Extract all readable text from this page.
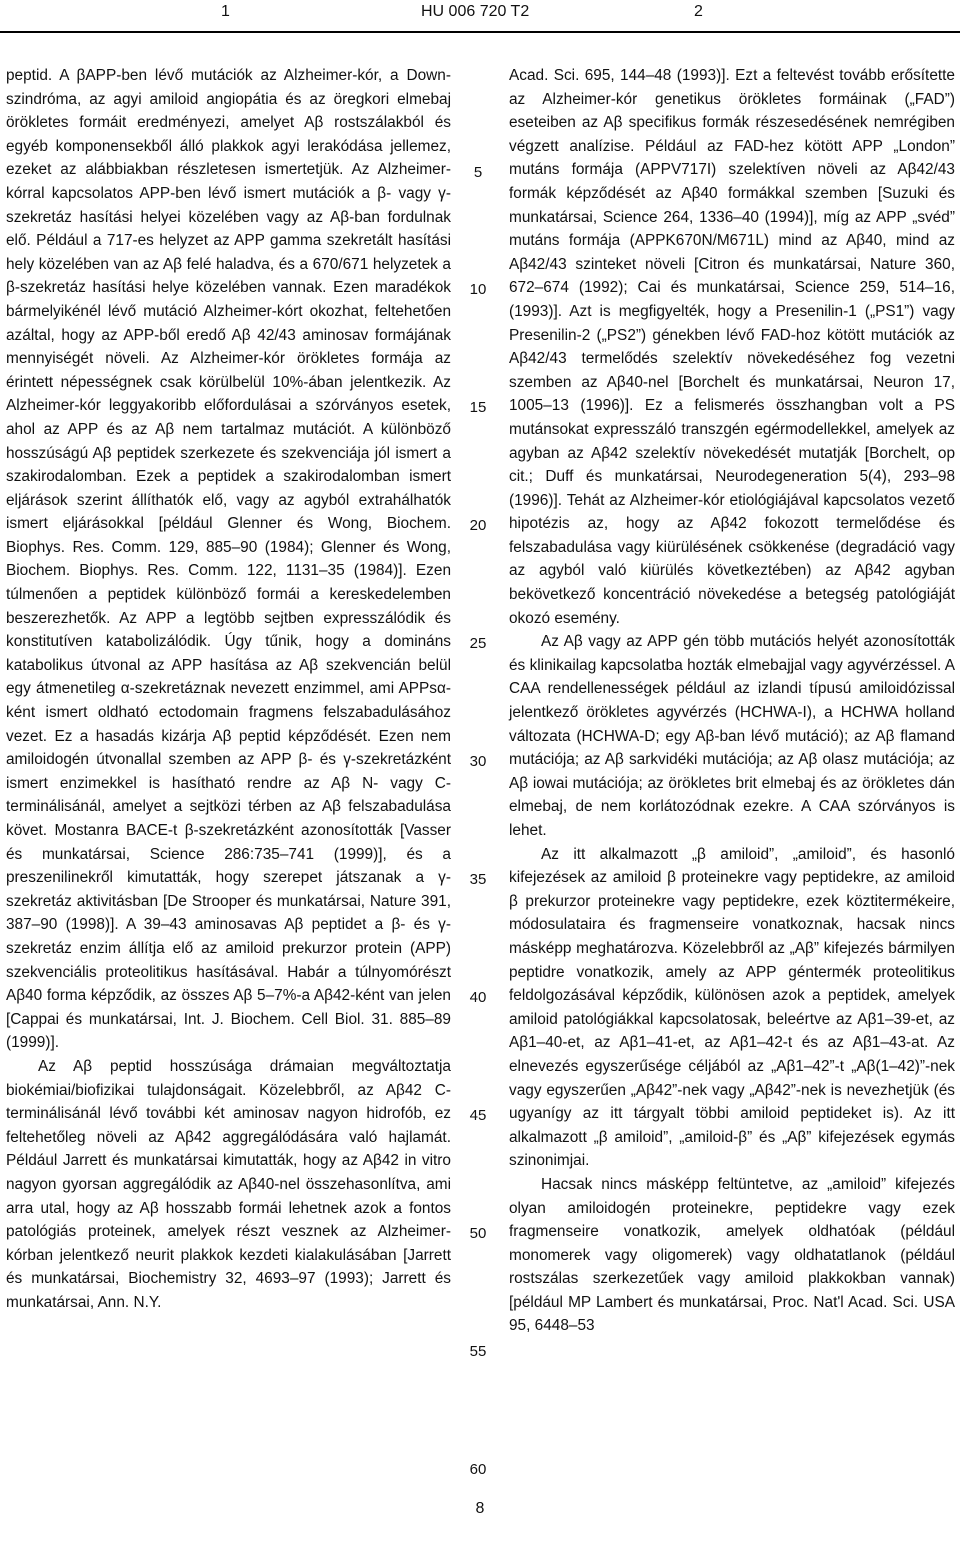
1	HU 006 720 T2	2

peptid. A βAPP-ben lévő mutációk az Alzheimer-kór, a Down-szindróma, az agyi amiloid angiopátia és az öregkori elmebaj örökletes formáit eredményezi, amelyet Aβ rostszálakból és egyéb komponensekből álló plakkok agyi lerakódása jellemez, ezeket az alábbiakban részletesen ismertetjük. Az Alzheimer-kórral kapcsolatos APP-ben lévő ismert mutációk a β- vagy γ-szekretáz hasítási helyei közelében vagy az Aβ-ban fordulnak elő. Például a 717-es helyzet az APP gamma szekretált hasítási hely közelében van az Aβ felé haladva, és a 670/671 helyzetek a β-szekretáz hasítási helye közelében vannak. Ezen maradékok bármelyikénél lévő mutáció Alzheimer-kórt okozhat, feltehetően azáltal, hogy az APP-ből eredő Aβ 42/43 aminosav formájának mennyiségét növeli. Az Alzheimer-kór örökletes formája az érintett népességnek csak körülbelül 10%-ában jelentkezik. Az Alzheimer-kór leggyakoribb előfordulásai a szórványos esetek, ahol az APP és az Aβ nem tartalmaz mutációt. A különböző hosszúságú Aβ peptidek szerkezete és szekvenciája jól ismert a szakirodalomban. Ezek a peptidek a szakirodalomban ismert eljárások szerint állíthatók elő, vagy az agyból extrahálhatók ismert eljárásokkal [például Glenner és Wong, Biochem. Biophys. Res. Comm. 129, 885–90 (1984); Glenner és Wong, Biochem. Biophys. Res. Comm. 122, 1131–35 (1984)]. Ezen túlmenően a peptidek különböző formái a kereskedelemben beszerezhetők. Az APP a legtöbb sejtben expresszálódik és konstitutíven katabolizálódik. Úgy tűnik, hogy a domináns katabolikus útvonal az APP hasítása az Aβ szekvencián belül egy átmenetileg α-szekretáznak nevezett enzimmel, ami APPsα-ként ismert oldható ectodomain fragmens felszabadulásához vezet. Ez a hasadás kizárja Aβ peptid képződését. Ezen nem amiloidogén útvonallal szemben az APP β- és γ-szekretázként ismert enzimekkel is hasítható rendre az Aβ N- vagy C-terminálisánál, amelyet a sejtközi térben az Aβ felszabadulása követ. Mostanra BACE-t β-szekretázként azonosították [Vasser és munkatársai, Science 286:735–741 (1999)], és a preszenilinekről kimutatták, hogy szerepet játszanak a γ-szekretáz aktivitásban [De Strooper és munkatársai, Nature 391, 387–90 (1998)]. A 39–43 aminosavas Aβ peptidet a β- és γ-szekretáz enzim állítja elő az amiloid prekurzor protein (APP) szekvenciális proteolitikus hasításával. Habár a túlnyomórészt Aβ40 forma képződik, az összes Aβ 5–7%-a Aβ42-ként van jelen [Cappai és munkatársai, Int. J. Biochem. Cell Biol. 31. 885–89 (1999)].

Az Aβ peptid hosszúsága drámaian megváltoztatja biokémiai/biofizikai tulajdonságait. Közelebbről, az Aβ42 C-terminálisánál lévő további két aminosav nagyon hidrofób, ez feltehetőleg növeli az Aβ42 aggregálódására való hajlamát. Például Jarrett és munkatársai kimutatták, hogy az Aβ42 in vitro nagyon gyorsan aggregálódik az Aβ40-nel összehasonlítva, ami arra utal, hogy az Aβ hosszabb formái lehetnek azok a fontos patológiás proteinek, amelyek részt vesznek az Alzheimer-kórban jelentkező neurit plakkok kezdeti kialakulásában [Jarrett és munkatársai, Biochemistry 32, 4693–97 (1993); Jarrett és munkatársai, Ann. N.Y.

5
10
15
20
25
30
35
40
45
50
55
60

Acad. Sci. 695, 144–48 (1993)]. Ezt a feltevést tovább erősítette az Alzheimer-kór genetikus örökletes formáinak („FAD”) eseteiben az Aβ specifikus formák részesedésének nemrégiben végzett analízise. Például az FAD-hez kötött APP „London” mutáns formája (APPV717I) szelektíven növeli az Aβ42/43 formák képződését az Aβ40 formákkal szemben [Suzuki és munkatársai, Science 264, 1336–40 (1994)], míg az APP „svéd” mutáns formája (APPK670N/M671L) mind az Aβ40, mind az Aβ42/43 szinteket növeli [Citron és munkatársai, Nature 360, 672–674 (1992); Cai és munkatársai, Science 259, 514–16, (1993)]. Azt is megfigyelték, hogy a Presenilin-1 („PS1”) vagy Presenilin-2 („PS2”) génekben lévő FAD-hoz kötött mutációk az Aβ42/43 termelődés szelektív növekedéséhez fog vezetni szemben az Aβ40-nel [Borchelt és munkatársai, Neuron 17, 1005–13 (1996)]. Ez a felismerés összhangban volt a PS mutánsokat expresszáló transzgén egérmodellekkel, amelyek az agyban az Aβ42 szelektív növekedését mutatják [Borchelt, op cit.; Duff és munkatársai, Neurodegeneration 5(4), 293–98 (1996)]. Tehát az Alzheimer-kór etiológiájával kapcsolatos vezető hipotézis az, hogy az Aβ42 fokozott termelődése és felszabadulása vagy kiürülésének csökkenése (degradáció vagy az agyból való kiürülés következtében) az Aβ42 agyban bekövetkező koncentráció növekedése a betegség patológiáját okozó esemény.

Az Aβ vagy az APP gén több mutációs helyét azonosították és klinikailag kapcsolatba hozták elmebajjal vagy agyvérzéssel. A CAA rendellenességek például az izlandi típusú amiloidózissal jelentkező örökletes agyvérzés (HCHWA-I), a HCHWA holland változata (HCHWA-D; egy Aβ-ban lévő mutáció); az Aβ flamand mutációja; az Aβ sarkvidéki mutációja; az Aβ olasz mutációja; az Aβ iowai mutációja; az örökletes brit elmebaj és az örökletes dán elmebaj, de nem korlátozódnak ezekre. A CAA szórványos is lehet.

Az itt alkalmazott „β amiloid”, „amiloid”, és hasonló kifejezések az amiloid β proteinekre vagy peptidekre, az amiloid β prekurzor proteinekre vagy peptidekre, ezek köztitermékeire, módosulataira és fragmenseire vonatkoznak, hacsak nincs másképp meghatározva. Közelebbről az „Aβ” kifejezés bármilyen peptidre vonatkozik, amely az APP géntermék proteolitikus feldolgozásával képződik, különösen azok a peptidek, amelyek amiloid patológiákkal kapcsolatosak, beleértve az Aβ1–39-et, az Aβ1–40-et, az Aβ1–41-et, az Aβ1–42-t és az Aβ1–43-at. Az elnevezés egyszerűsége céljából az „Aβ1–42”-t „Aβ(1–42)”-nek vagy egyszerűen „Aβ42”-nek vagy „Aβ42”-nek is nevezhetjük (és ugyanígy az itt tárgyalt többi amiloid peptideket is). Az itt alkalmazott „β amiloid”, „amiloid-β” és „Aβ” kifejezések egymás szinonimjai.

Hacsak nincs másképp feltüntetve, az „amiloid” kifejezés olyan amiloidogén proteinekre, peptidekre vagy ezek fragmenseire vonatkozik, amelyek oldhatóak (például monomerek vagy oligomerek) vagy oldhatatlanok (például rostszálas szerkezetűek vagy amiloid plakkokban vannak) [például MP Lambert és munkatársai, Proc. Nat'l Acad. Sci. USA 95, 6448–53

8
